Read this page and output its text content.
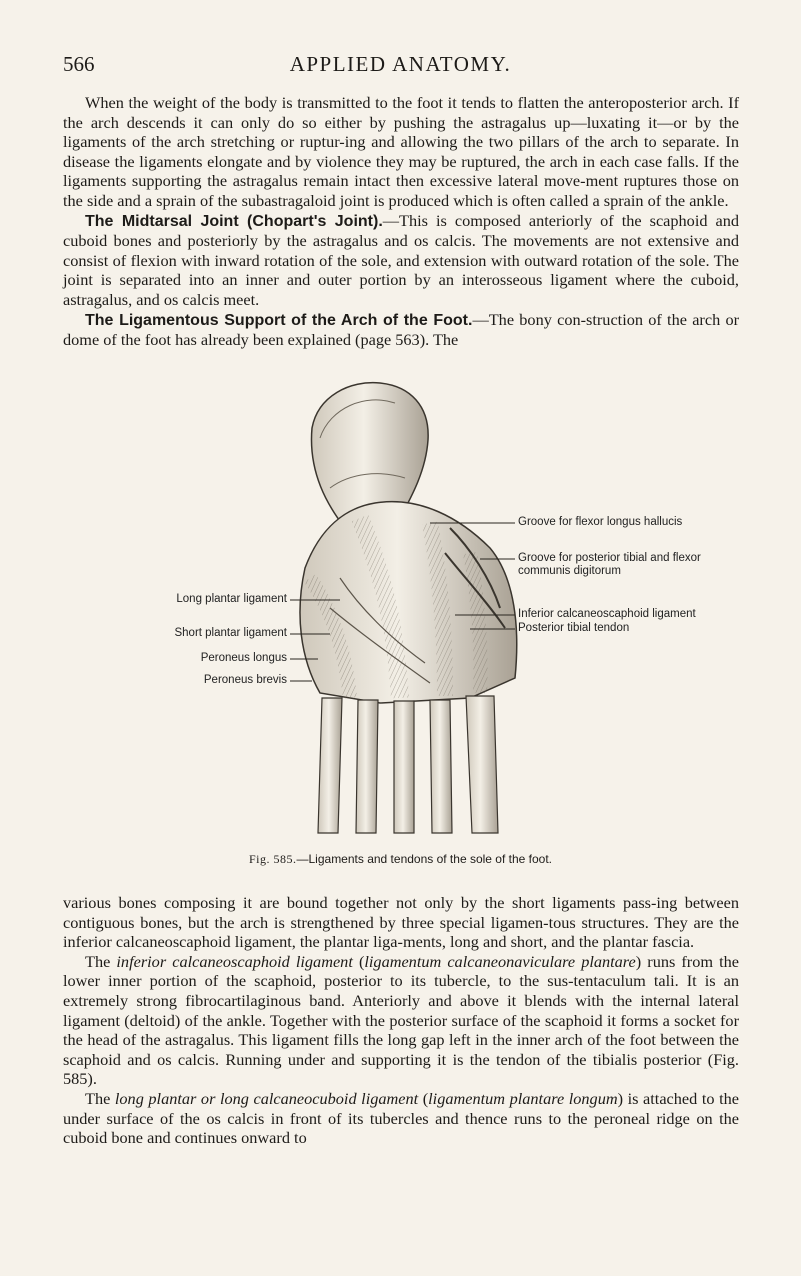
566	APPLIED ANATOMY.

When the weight of the body is transmitted to the foot it tends to flatten the anteroposterior arch. If the arch descends it can only do so either by pushing the astragalus up—luxating it—or by the ligaments of the arch stretching or ruptur-ing and allowing the two pillars of the arch to separate. In disease the ligaments elongate and by violence they may be ruptured, the arch in each case falls. If the ligaments supporting the astragalus remain intact then excessive lateral move-ment ruptures those on the side and a sprain of the subastragaloid joint is produced which is often called a sprain of the ankle.

The Midtarsal Joint (Chopart's Joint).—This is composed anteriorly of the scaphoid and cuboid bones and posteriorly by the astragalus and os calcis. The movements are not extensive and consist of flexion with inward rotation of the sole, and extension with outward rotation of the sole. The joint is separated into an inner and outer portion by an interosseous ligament where the cuboid, astragalus, and os calcis meet.

The Ligamentous Support of the Arch of the Foot.—The bony con-struction of the arch or dome of the foot has already been explained (page 563). The

Long plantar ligament
Short plantar ligament
Peroneus longus
Peroneus brevis
Groove for flexor longus hallucis
Groove for posterior tibial and flexor
communis digitorum
Inferior calcaneoscaphoid ligament
Posterior tibial tendon
Fig. 585.—Ligaments and tendons of the sole of the foot.

various bones composing it are bound together not only by the short ligaments pass-ing between contiguous bones, but the arch is strengthened by three special ligamen-tous structures. They are the inferior calcaneoscaphoid ligament, the plantar liga-ments, long and short, and the plantar fascia.

The inferior calcaneoscaphoid ligament (ligamentum calcaneonaviculare plantare) runs from the lower inner portion of the scaphoid, posterior to its tubercle, to the sus-tentaculum tali. It is an extremely strong fibrocartilaginous band. Anteriorly and above it blends with the internal lateral ligament (deltoid) of the ankle. Together with the posterior surface of the scaphoid it forms a socket for the head of the astragalus. This ligament fills the long gap left in the inner arch of the foot between the scaphoid and os calcis. Running under and supporting it is the tendon of the tibialis posterior (Fig. 585).

The long plantar or long calcaneocuboid ligament (ligamentum plantare longum) is attached to the under surface of the os calcis in front of its tubercles and thence runs to the peroneal ridge on the cuboid bone and continues onward to
